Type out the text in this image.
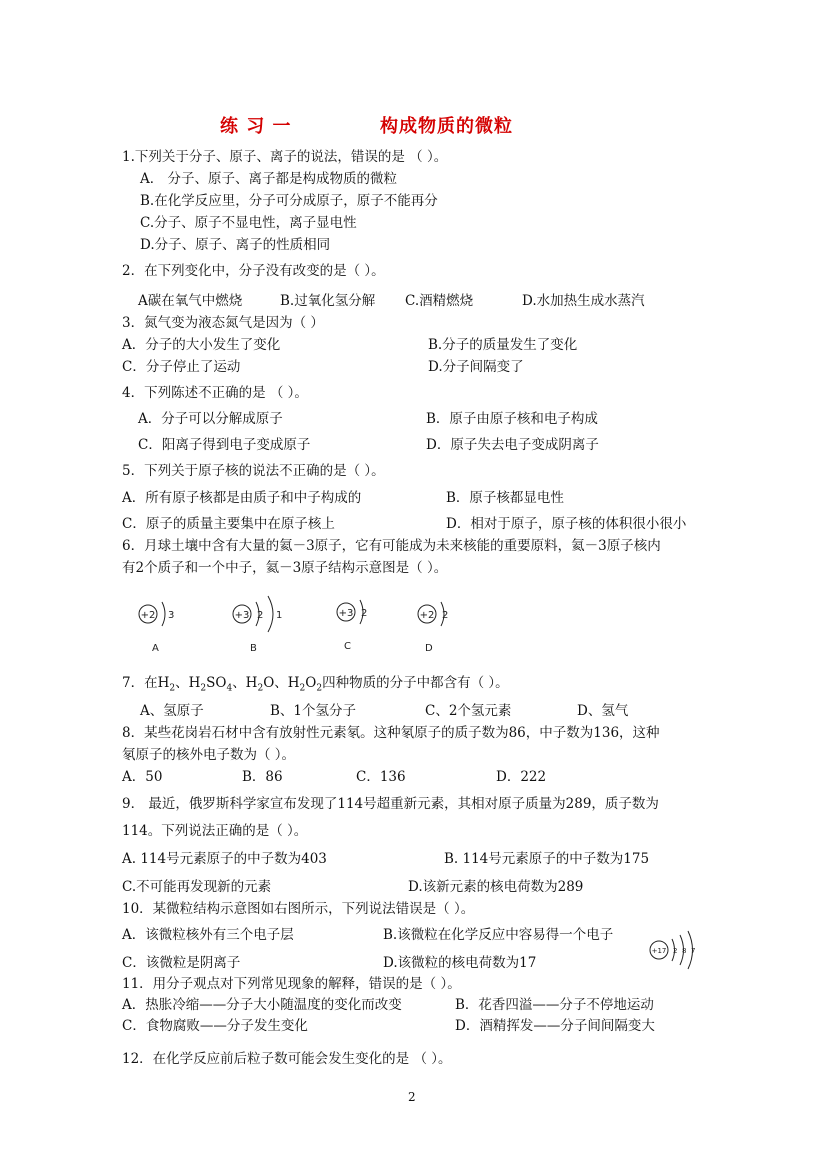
练 习 一	构成物质的微粒
1.下列关于分子、原子、离子的说法，错误的是 （ ）。
A． 分子、原子、离子都是构成物质的微粒
B.在化学反应里，分子可分成原子，原子不能再分
C.分子、原子不显电性，离子显电性
D.分子、原子、离子的性质相同
2．在下列变化中，分子没有改变的是（ ）。
A碳在氧气中燃烧	B.过氧化氢分解 C.酒精燃烧	D.水加热生成水蒸汽
3．氮气变为液态氮气是因为（ ）
A．分子的大小发生了变化	B.分子的质量发生了变化
C．分子停止了运动	D.分子间隔变了
4．下列陈述不正确的是 （ ）。
A．分子可以分解成原子	B．原子由原子核和电子构成
C．阳离子得到电子变成原子	D．原子失去电子变成阴离子
5．下列关于原子核的说法不正确的是（ ）。
A．所有原子核都是由质子和中子构成的	B．原子核都显电性
C．原子的质量主要集中在原子核上	D．相对于原子，原子核的体积很小很小
6．月球土壤中含有大量的氦－3原子，它有可能成为未来核能的重要原料，氦－3原子核内
有2个质子和一个中子，氦－3原子结构示意图是（ ）。
+2 3
A
+3 2 1
B
+3 2
C
+2 2
D
7．在$H_2$、$H_2SO_4$、$H_2O$、$H_2O_2$四种物质的分子中都含有（ ）。
A、氢原子	B、1个氢分子	C、2个氢元素	D、氢气
8．某些花岗岩石材中含有放射性元素氡。这种氡原子的质子数为86，中子数为136，这种
氡原子的核外电子数为（ ）。
A．50	B．86	C．136	D．222
9． 最近，俄罗斯科学家宣布发现了114号超重新元素，其相对原子质量为289，质子数为
114。下列说法正确的是（ ）。
A. 114号元素原子的中子数为403	B. 114号元素原子的中子数为175
C.不可能再发现新的元素	D.该新元素的核电荷数为289
10．某微粒结构示意图如右图所示，下列说法错误是（ ）。
A．该微粒核外有三个电子层	B.该微粒在化学反应中容易得一个电子
C．该微粒是阴离子	D.该微粒的核电荷数为17
+17 2 8 7
11．用分子观点对下列常见现象的解释，错误的是（ ）。
A．热胀冷缩——分子大小随温度的变化而改变	B．花香四溢——分子不停地运动
C．食物腐败——分子发生变化	D．酒精挥发——分子间间隔变大
12．在化学反应前后粒子数可能会发生变化的是 （ ）。
2
